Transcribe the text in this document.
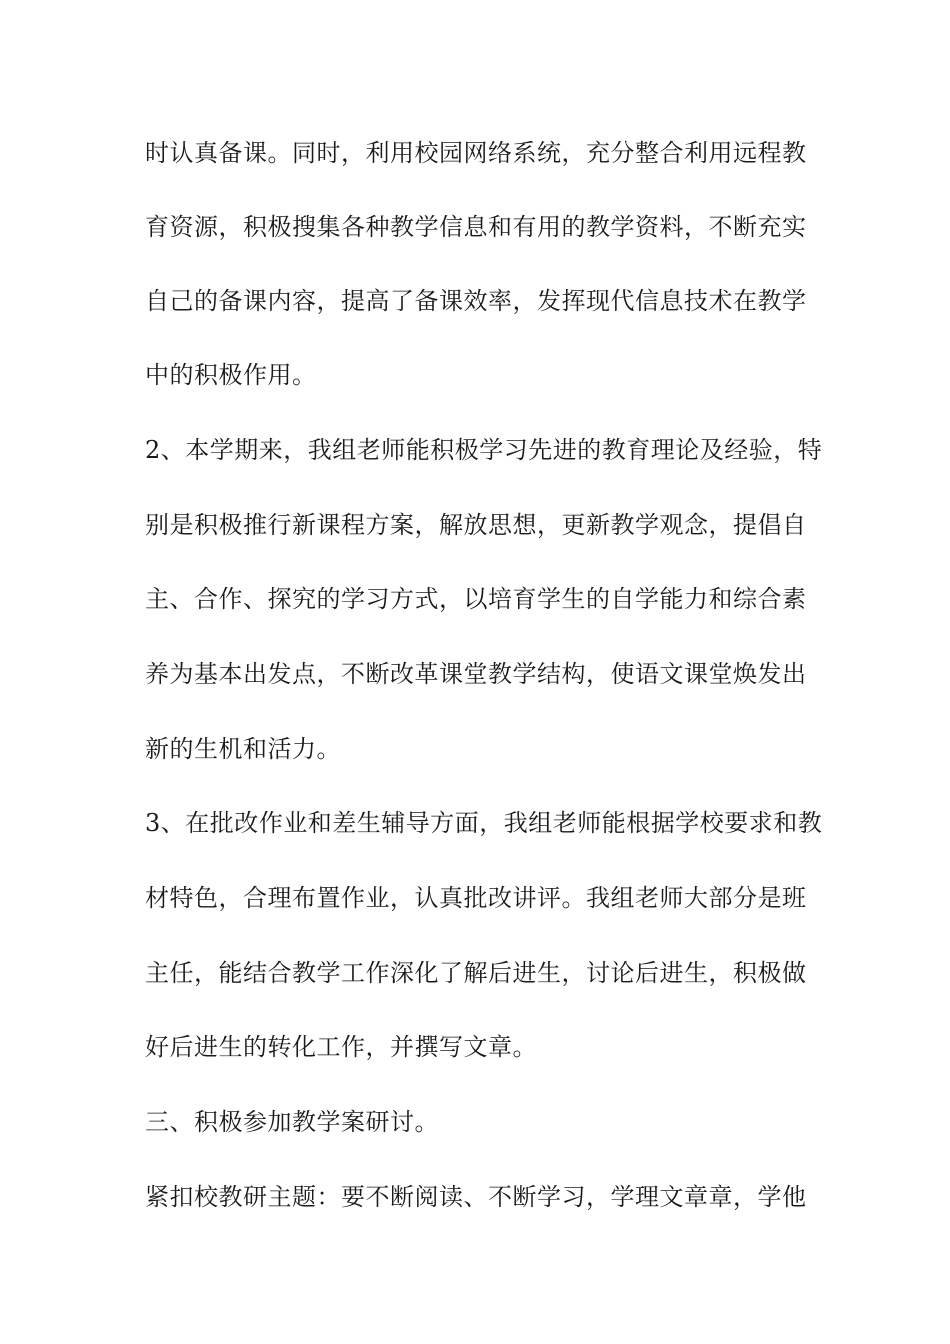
时认真备课。同时，利用校园网络系统，充分整合利用远程教
育资源，积极搜集各种教学信息和有用的教学资料，不断充实
自己的备课内容，提高了备课效率，发挥现代信息技术在教学
中的积极作用。
2、本学期来，我组老师能积极学习先进的教育理论及经验，特
别是积极推行新课程方案，解放思想，更新教学观念，提倡自
主、合作、探究的学习方式，以培育学生的自学能力和综合素
养为基本出发点，不断改革课堂教学结构，使语文课堂焕发出
新的生机和活力。
3、在批改作业和差生辅导方面，我组老师能根据学校要求和教
材特色，合理布置作业，认真批改讲评。我组老师大部分是班
主任，能结合教学工作深化了解后进生，讨论后进生，积极做
好后进生的转化工作，并撰写文章。
三、积极参加教学案研讨。
紧扣校教研主题：要不断阅读、不断学习，学理文章章，学他
